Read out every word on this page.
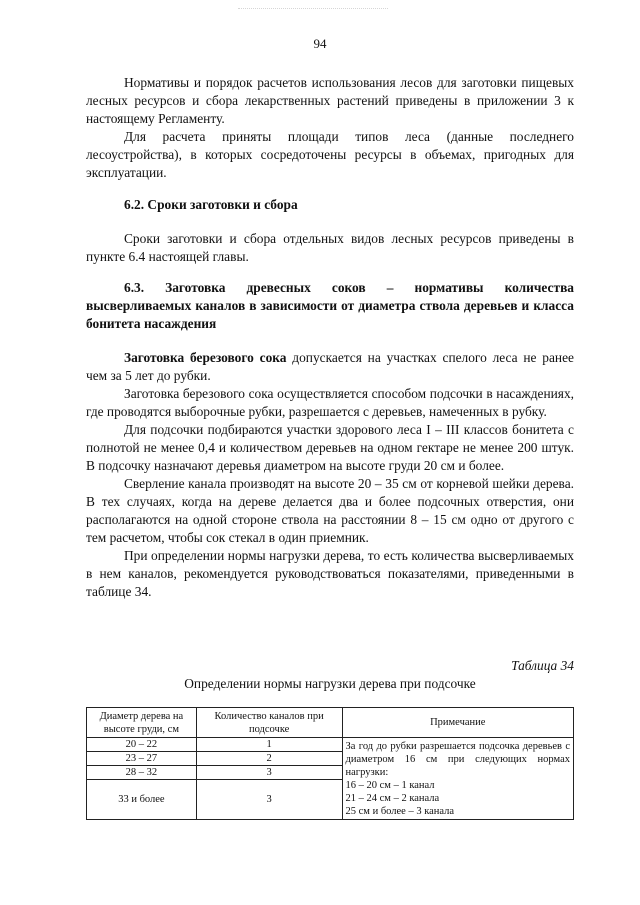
94

Нормативы и порядок расчетов использования лесов для заготовки пищевых лесных ресурсов и сбора лекарственных растений приведены в приложении 3 к настоящему Регламенту.

Для расчета приняты площади типов леса (данные последнего лесоустройства), в которых сосредоточены ресурсы в объемах, пригодных для эксплуатации.

6.2. Сроки заготовки и сбора

Сроки заготовки и сбора отдельных видов лесных ресурсов приведены в пункте 6.4 настоящей главы.

6.3. Заготовка древесных соков – нормативы количества высверливаемых каналов в зависимости от диаметра ствола деревьев и класса бонитета насаждения

Заготовка березового сока допускается на участках спелого леса не ранее чем за 5 лет до рубки.

Заготовка березового сока осуществляется способом подсочки в насаждениях, где проводятся выборочные рубки, разрешается с деревьев, намеченных в рубку.

Для подсочки подбираются участки здорового леса I – III классов бонитета с полнотой не менее 0,4 и количеством деревьев на одном гектаре не менее 200 штук. В подсочку назначают деревья диаметром на высоте груди 20 см и более.

Сверление канала производят на высоте 20 – 35 см от корневой шейки дерева. В тех случаях, когда на дереве делается два и более подсочных отверстия, они располагаются на одной стороне ствола на расстоянии 8 – 15 см одно от другого с тем расчетом, чтобы сок стекал в один приемник.

При определении нормы нагрузки дерева, то есть количества высверливаемых в нем каналов, рекомендуется руководствоваться показателями, приведенными в таблице 34.

Таблица 34

Определении нормы нагрузки дерева при подсочке

Диаметр дерева на высоте груди, см	Количество каналов при подсочке	Примечание
20 – 22	1	За год до рубки разрешается подсочка деревьев с диаметром 16 см при следующих нормах нагрузки:
16 – 20 см – 1 канал
21 – 24 см – 2 канала
25 см и более – 3 канала

23 – 27	2	
28 – 32	3	
33 и более	3	
